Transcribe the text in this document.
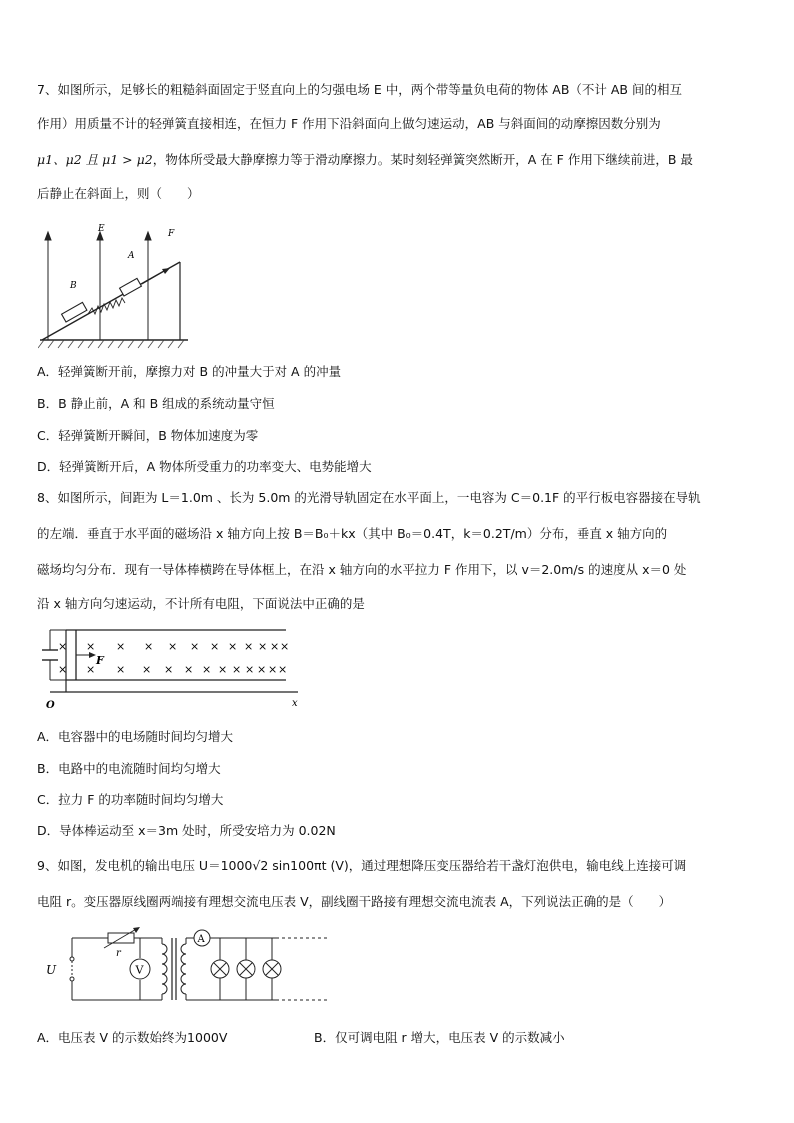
7、如图所示，足够长的粗糙斜面固定于竖直向上的匀强电场 E 中，两个带等量负电荷的物体 AB（不计 AB 间的相互
作用）用质量不计的轻弹簧直接相连，在恒力 F 作用下沿斜面向上做匀速运动，AB 与斜面间的动摩擦因数分别为
μ1、μ2 且 μ1 > μ2，物体所受最大静摩擦力等于滑动摩擦力。某时刻轻弹簧突然断开，A 在 F 作用下继续前进，B 最
后静止在斜面上，则（　　）
E	F
A
B
A．轻弹簧断开前，摩擦力对 B 的冲量大于对 A 的冲量
B．B 静止前，A 和 B 组成的系统动量守恒
C．轻弹簧断开瞬间，B 物体加速度为零
D．轻弹簧断开后，A 物体所受重力的功率变大、电势能增大
8、如图所示，间距为 L＝1.0m 、长为 5.0m 的光滑导轨固定在水平面上，一电容为 C＝0.1F 的平行板电容器接在导轨
的左端．垂直于水平面的磁场沿 x 轴方向上按 B＝B₀＋kx（其中 B₀＝0.4T，k＝0.2T/m）分布，垂直 x 轴方向的
磁场均匀分布．现有一导体棒横跨在导体框上，在沿 x 轴方向的水平拉力 F 作用下，以 v＝2.0m/s 的速度从 x＝0 处
沿 x 轴方向匀速运动，不计所有电阻，下面说法中正确的是
F
O	x
×
×
×
×
×
×
×
×
×
×
×
×
×
×
×
×
×
×
×
×
×
×
×
× ×
A．电容器中的电场随时间均匀增大
B．电路中的电流随时间均匀增大
C．拉力 F 的功率随时间均匀增大
D．导体棒运动至 x＝3m 处时，所受安培力为 0.02N
9、如图，发电机的输出电压 U＝1000√2 sin100πt (V)，通过理想降压变压器给若干盏灯泡供电，输电线上连接可调
电阻 r。变压器原线圈两端接有理想交流电压表 V，副线圈干路接有理想交流电流表 A，下列说法正确的是（　　）
U
r
V
A
A．电压表 V 的示数始终为1000V	B．仅可调电阻 r 增大，电压表 V 的示数减小
